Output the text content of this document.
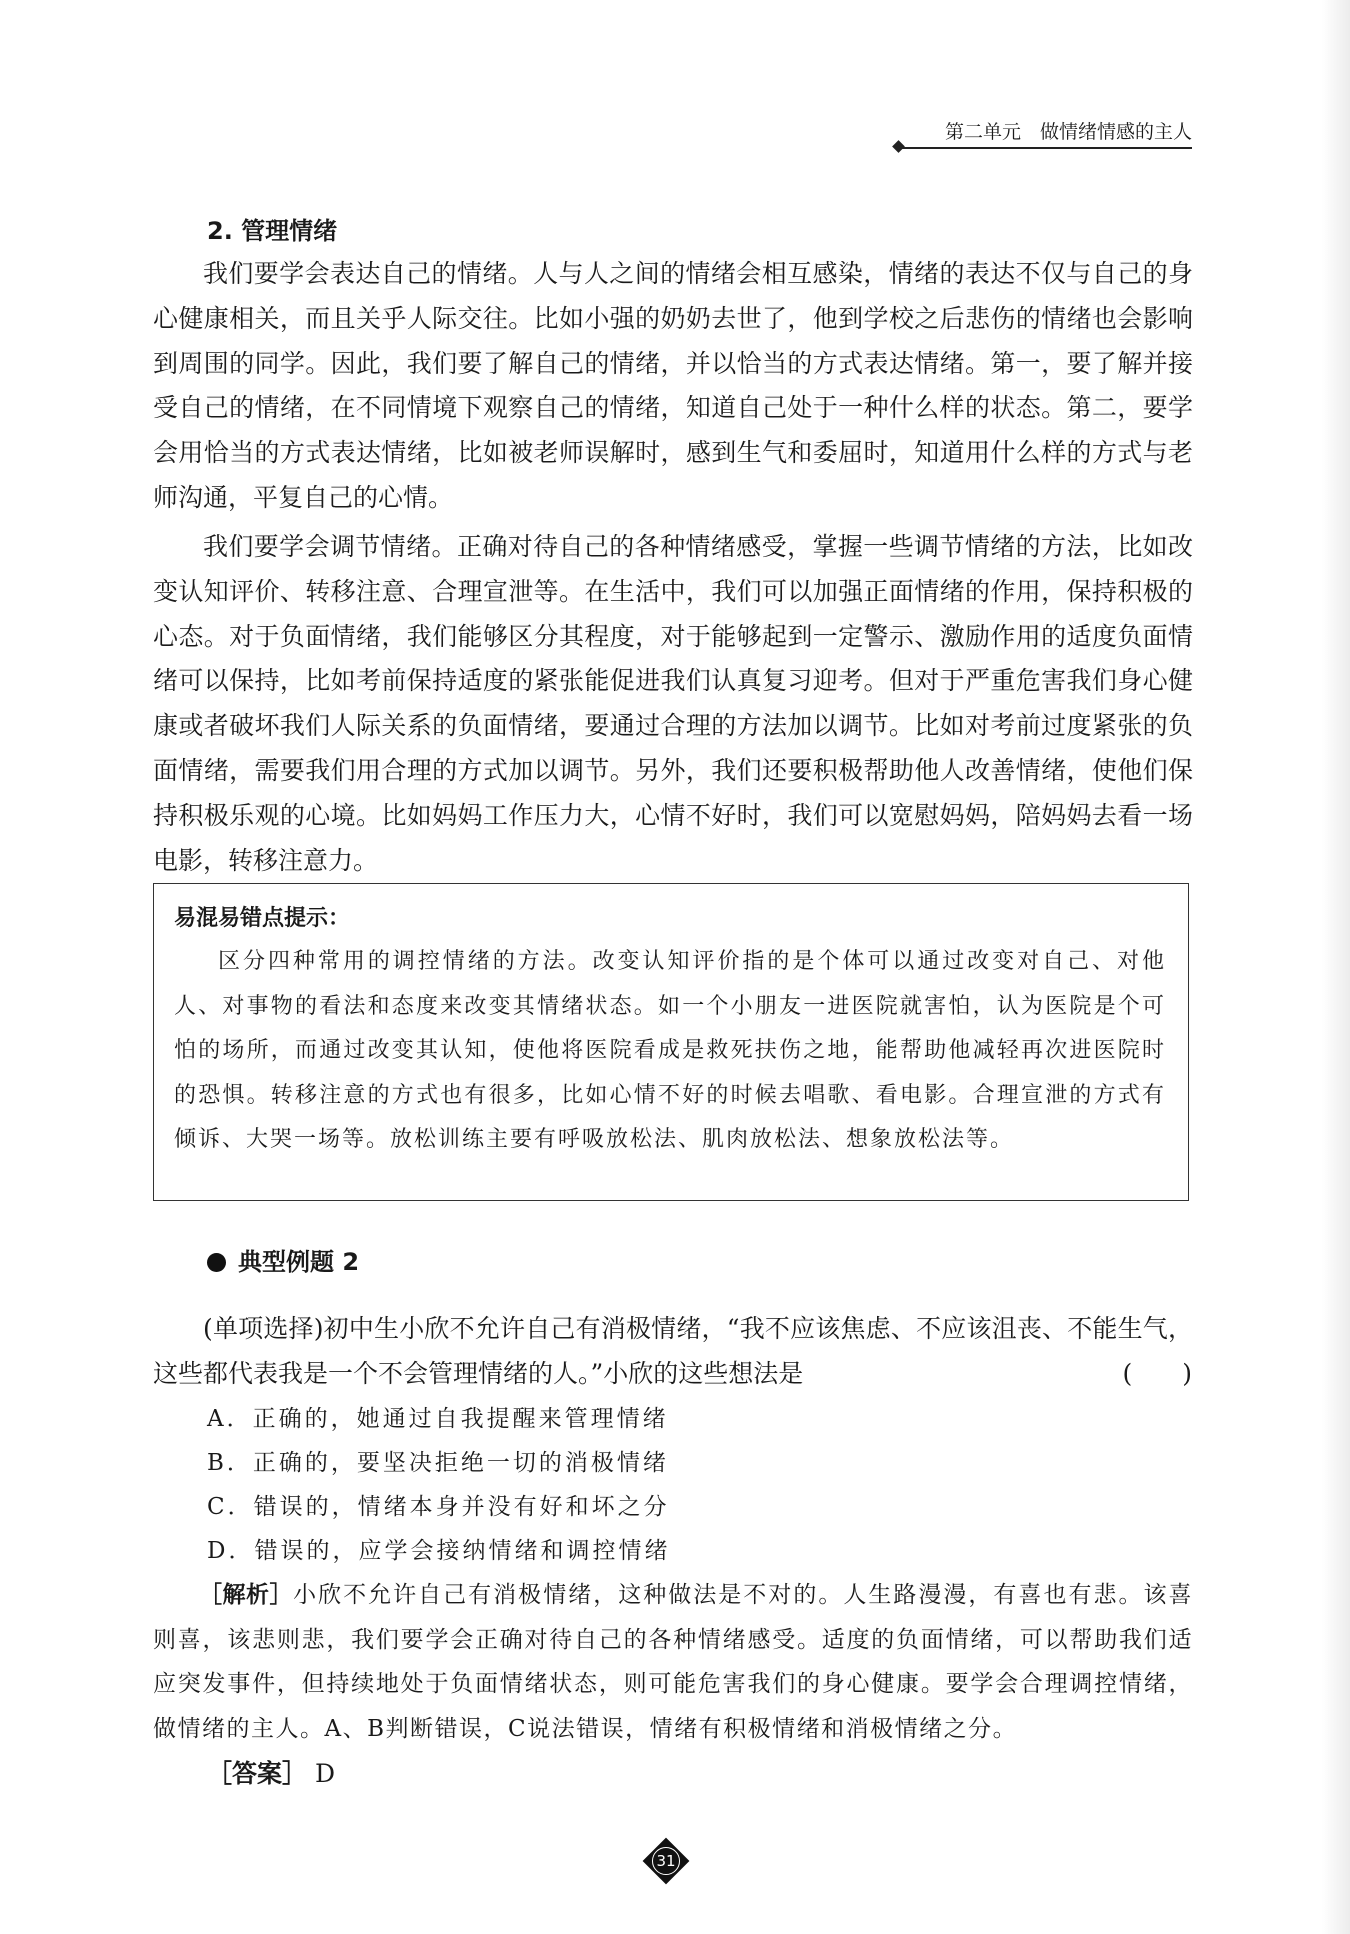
第二单元　做情绪情感的主人
2. 管理情绪

我们要学会表达自己的情绪。人与人之间的情绪会相互感染，情绪的表达不仅与自己的身心健康相关，而且关乎人际交往。比如小强的奶奶去世了，他到学校之后悲伤的情绪也会影响到周围的同学。因此，我们要了解自己的情绪，并以恰当的方式表达情绪。第一，要了解并接受自己的情绪，在不同情境下观察自己的情绪，知道自己处于一种什么样的状态。第二，要学会用恰当的方式表达情绪，比如被老师误解时，感到生气和委屈时，知道用什么样的方式与老师沟通，平复自己的心情。

我们要学会调节情绪。正确对待自己的各种情绪感受，掌握一些调节情绪的方法，比如改变认知评价、转移注意、合理宣泄等。在生活中，我们可以加强正面情绪的作用，保持积极的心态。对于负面情绪，我们能够区分其程度，对于能够起到一定警示、激励作用的适度负面情绪可以保持，比如考前保持适度的紧张能促进我们认真复习迎考。但对于严重危害我们身心健康或者破坏我们人际关系的负面情绪，要通过合理的方法加以调节。比如对考前过度紧张的负面情绪，需要我们用合理的方式加以调节。另外，我们还要积极帮助他人改善情绪，使他们保持积极乐观的心境。比如妈妈工作压力大，心情不好时，我们可以宽慰妈妈，陪妈妈去看一场电影，转移注意力。

易混易错点提示：

区分四种常用的调控情绪的方法。改变认知评价指的是个体可以通过改变对自己、对他人、对事物的看法和态度来改变其情绪状态。如一个小朋友一进医院就害怕，认为医院是个可怕的场所，而通过改变其认知，使他将医院看成是救死扶伤之地，能帮助他减轻再次进医院时的恐惧。转移注意的方式也有很多，比如心情不好的时候去唱歌、看电影。合理宣泄的方式有倾诉、大哭一场等。放松训练主要有呼吸放松法、肌肉放松法、想象放松法等。

典型例题 2

(单项选择)初中生小欣不允许自己有消极情绪，“我不应该焦虑、不应该沮丧、不能生气，这些都代表我是一个不会管理情绪的人。”小欣的这些想法是	(　　)
A．正确的，她通过自我提醒来管理情绪
B．正确的，要坚决拒绝一切的消极情绪
C．错误的，情绪本身并没有好和坏之分
D．错误的，应学会接纳情绪和调控情绪

［解析］小欣不允许自己有消极情绪，这种做法是不对的。人生路漫漫，有喜也有悲。该喜则喜，该悲则悲，我们要学会正确对待自己的各种情绪感受。适度的负面情绪，可以帮助我们适应突发事件，但持续地处于负面情绪状态，则可能危害我们的身心健康。要学会合理调控情绪，做情绪的主人。A、B判断错误，C说法错误，情绪有积极情绪和消极情绪之分。

［答案］ D
31
